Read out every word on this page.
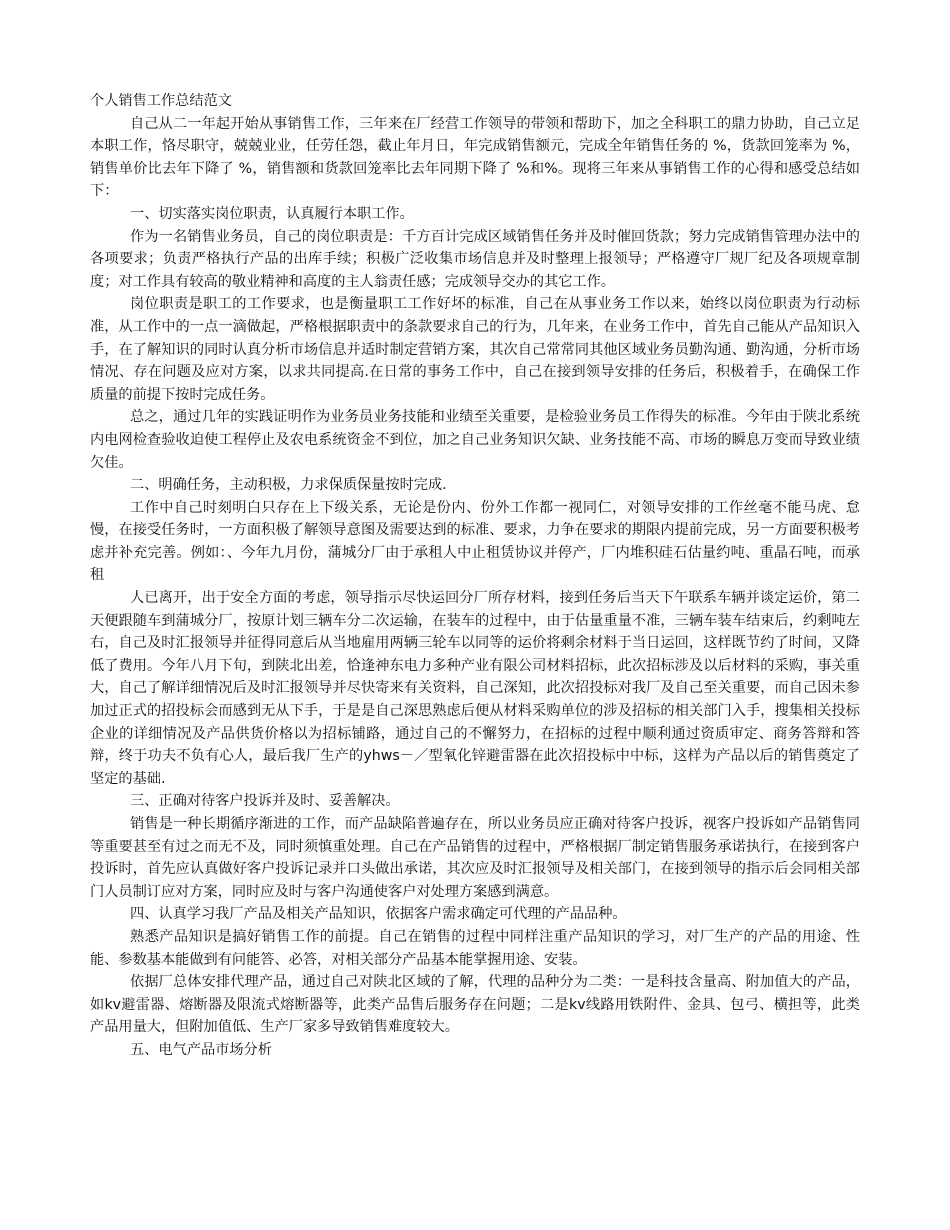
个人销售工作总结范文

自己从二一年起开始从事销售工作，三年来在厂经营工作领导的带领和帮助下，加之全科职工的鼎力协助，自己立足本职工作，恪尽职守，兢兢业业，任劳任怨，截止年月日，年完成销售额元，完成全年销售任务的 %，货款回笼率为 %，销售单价比去年下降了 %，销售额和货款回笼率比去年同期下降了 %和%。现将三年来从事销售工作的心得和感受总结如下：

一、切实落实岗位职责，认真履行本职工作。

作为一名销售业务员，自己的岗位职责是：千方百计完成区域销售任务并及时催回货款；努力完成销售管理办法中的各项要求；负责严格执行产品的出库手续；积极广泛收集市场信息并及时整理上报领导；严格遵守厂规厂纪及各项规章制度；对工作具有较高的敬业精神和高度的主人翁责任感；完成领导交办的其它工作。

岗位职责是职工的工作要求，也是衡量职工工作好坏的标准，自己在从事业务工作以来，始终以岗位职责为行动标准，从工作中的一点一滴做起，严格根据职责中的条款要求自己的行为，几年来，在业务工作中，首先自己能从产品知识入手，在了解知识的同时认真分析市场信息并适时制定营销方案，其次自己常常同其他区域业务员勤沟通、勤沟通，分析市场情况、存在问题及应对方案，以求共同提高.在日常的事务工作中，自己在接到领导安排的任务后，积极着手，在确保工作质量的前提下按时完成任务。

总之，通过几年的实践证明作为业务员业务技能和业绩至关重要，是检验业务员工作得失的标准。今年由于陕北系统内电网检查验收迫使工程停止及农电系统资金不到位，加之自己业务知识欠缺、业务技能不高、市场的瞬息万变而导致业绩欠佳。

二、明确任务，主动积极，力求保质保量按时完成.

工作中自己时刻明白只存在上下级关系，无论是份内、份外工作都一视同仁，对领导安排的工作丝毫不能马虎、怠慢，在接受任务时，一方面积极了解领导意图及需要达到的标准、要求，力争在要求的期限内提前完成，另一方面要积极考虑并补充完善。例如：、今年九月份，蒲城分厂由于承租人中止租赁协议并停产，厂内堆积硅石估量约吨、重晶石吨，而承租

人已离开，出于安全方面的考虑，领导指示尽快运回分厂所存材料，接到任务后当天下午联系车辆并谈定运价，第二天便跟随车到蒲城分厂，按原计划三辆车分二次运输，在装车的过程中，由于估量重量不准，三辆车装车结束后，约剩吨左右，自己及时汇报领导并征得同意后从当地雇用两辆三轮车以同等的运价将剩余材料于当日运回，这样既节约了时间，又降低了费用。今年八月下旬，到陕北出差，恰逢神东电力多种产业有限公司材料招标，此次招标涉及以后材料的采购，事关重大，自己了解详细情况后及时汇报领导并尽快寄来有关资料，自己深知，此次招投标对我厂及自己至关重要，而自己因未参加过正式的招投标会而感到无从下手，于是是自己深思熟虑后便从材料采购单位的涉及招标的相关部门入手，搜集相关投标企业的详细情况及产品供货价格以为招标铺路，通过自己的不懈努力，在招标的过程中顺利通过资质审定、商务答辩和答辩，终于功夫不负有心人，最后我厂生产的yhws－／型氧化锌避雷器在此次招投标中中标，这样为产品以后的销售奠定了坚定的基础.

三、正确对待客户投诉并及时、妥善解决。

销售是一种长期循序渐进的工作，而产品缺陷普遍存在，所以业务员应正确对待客户投诉，视客户投诉如产品销售同等重要甚至有过之而无不及，同时须慎重处理。自己在产品销售的过程中，严格根据厂制定销售服务承诺执行，在接到客户投诉时，首先应认真做好客户投诉记录并口头做出承诺，其次应及时汇报领导及相关部门，在接到领导的指示后会同相关部门人员制订应对方案，同时应及时与客户沟通使客户对处理方案感到满意。

四、认真学习我厂产品及相关产品知识，依据客户需求确定可代理的产品品种。

熟悉产品知识是搞好销售工作的前提。自己在销售的过程中同样注重产品知识的学习，对厂生产的产品的用途、性能、参数基本能做到有问能答、必答，对相关部分产品基本能掌握用途、安装。

依据厂总体安排代理产品，通过自己对陕北区域的了解，代理的品种分为二类：一是科技含量高、附加值大的产品，如kv避雷器、熔断器及限流式熔断器等，此类产品售后服务存在问题；二是kv线路用铁附件、金具、包弓、横担等，此类产品用量大，但附加值低、生产厂家多导致销售难度较大。

五、电气产品市场分析
